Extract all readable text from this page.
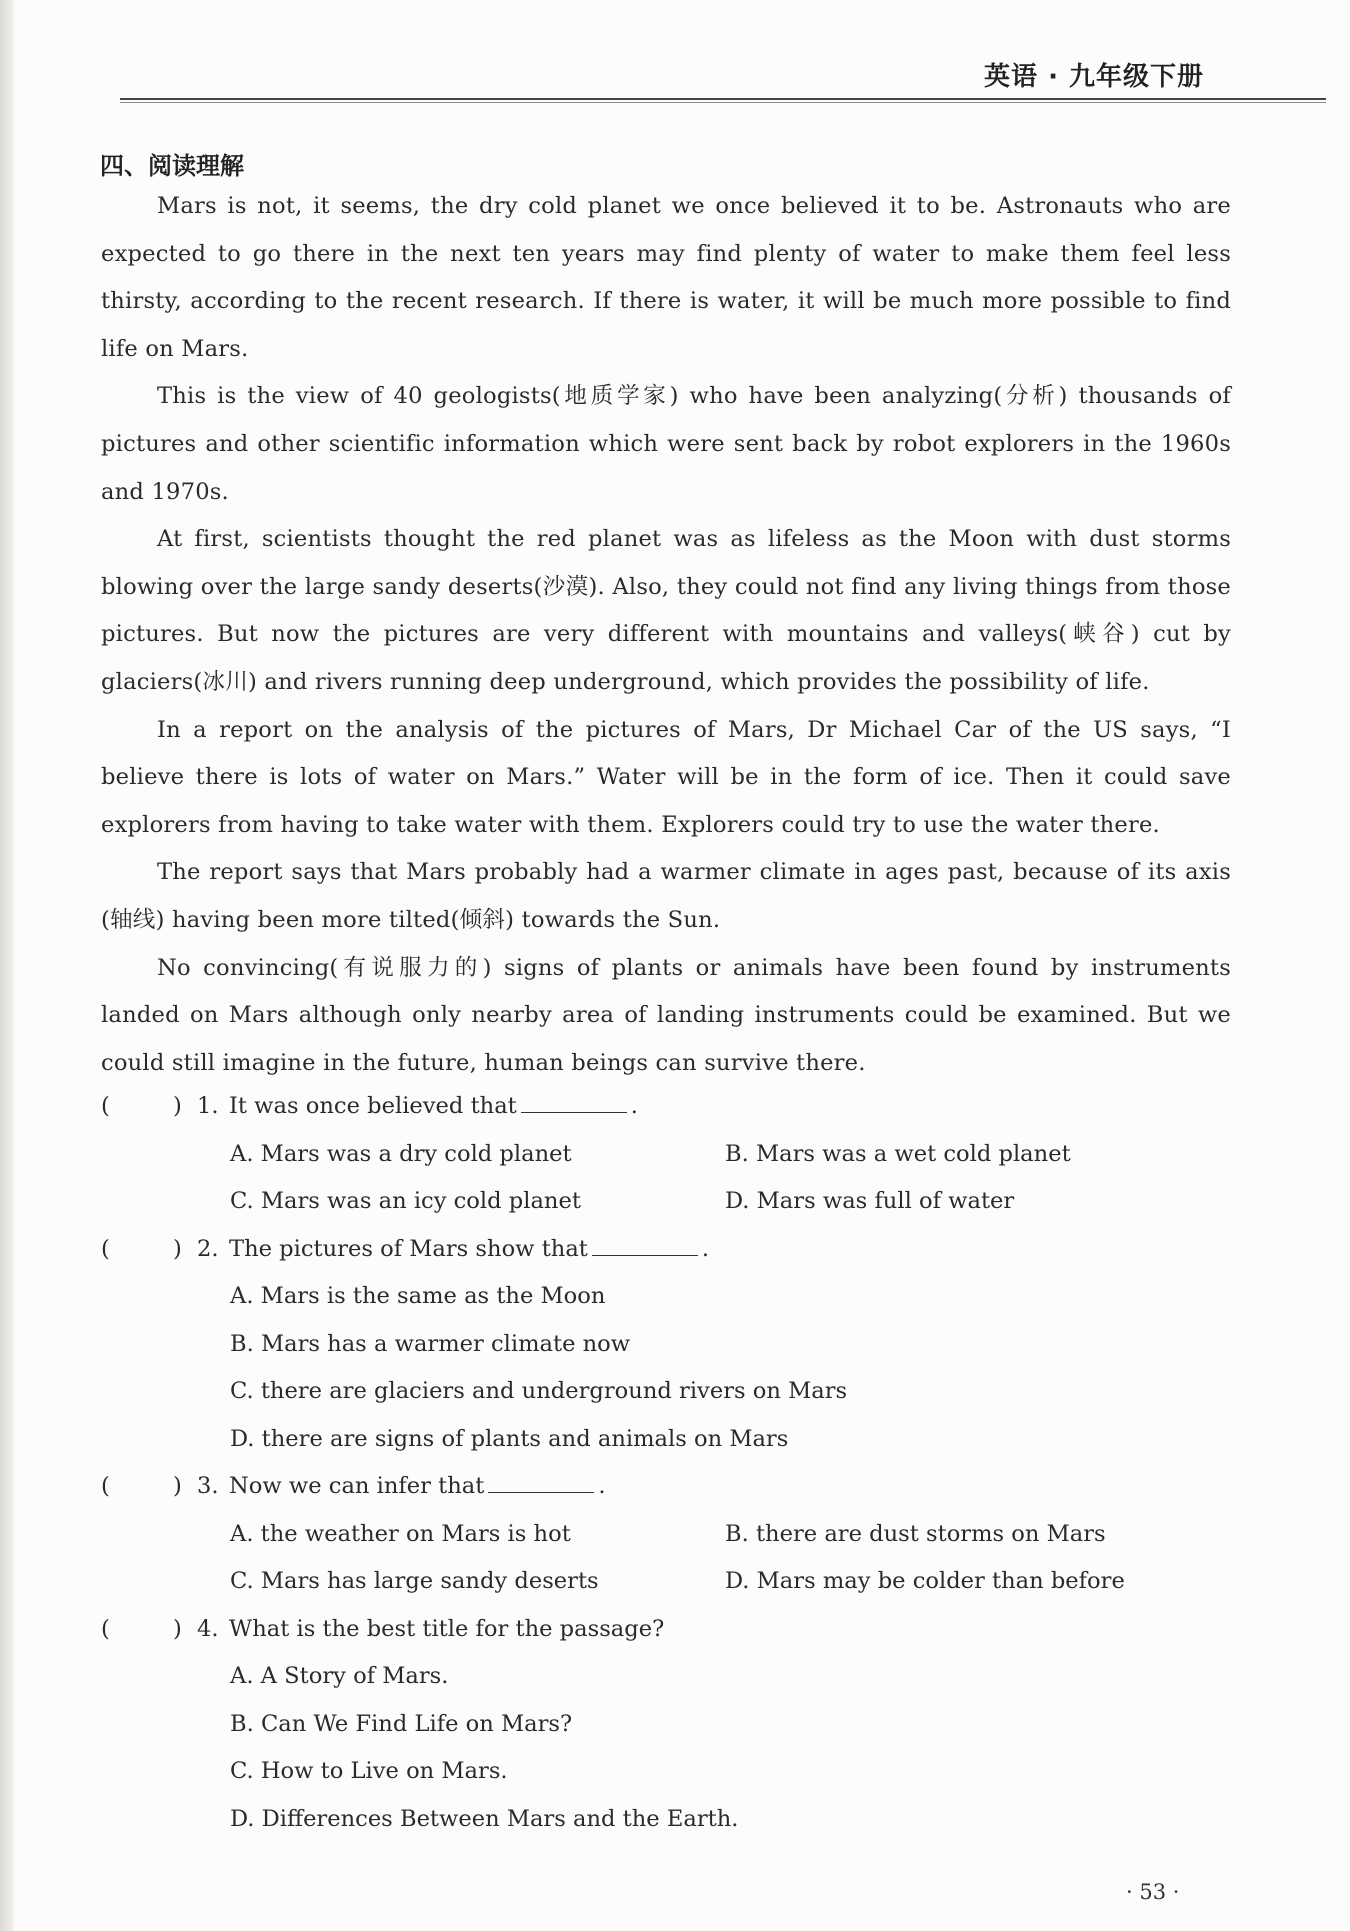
英语 · 九年级下册
四、阅读理解

Mars is not, it seems, the dry cold planet we once believed it to be. Astronauts who are expected to go there in the next ten years may find plenty of water to make them feel less thirsty, according to the recent research. If there is water, it will be much more possible to find life on Mars.

This is the view of 40 geologists(地质学家) who have been analyzing(分析) thousands of pictures and other scientific information which were sent back by robot explorers in the 1960s and 1970s.

At first, scientists thought the red planet was as lifeless as the Moon with dust storms blowing over the large sandy deserts(沙漠). Also, they could not find any living things from those pictures. But now the pictures are very different with mountains and valleys(峡谷) cut by glaciers(冰川) and rivers running deep underground, which provides the possibility of life.

In a report on the analysis of the pictures of Mars, Dr Michael Car of the US says, “I believe there is lots of water on Mars.” Water will be in the form of ice. Then it could save explorers from having to take water with them. Explorers could try to use the water there.

The report says that Mars probably had a warmer climate in ages past, because of its axis (轴线) having been more tilted(倾斜) towards the Sun.

No convincing(有说服力的) signs of plants or animals have been found by instruments landed on Mars although only nearby area of landing instruments could be examined. But we could still imagine in the future, human beings can survive there.

(	) 1. It was once believed that	.
A. Mars was a dry cold planet	B. Mars was a wet cold planet
C. Mars was an icy cold planet	D. Mars was full of water
(	) 2. The pictures of Mars show that	.
A. Mars is the same as the Moon
B. Mars has a warmer climate now
C. there are glaciers and underground rivers on Mars
D. there are signs of plants and animals on Mars
(	) 3. Now we can infer that	.
A. the weather on Mars is hot	B. there are dust storms on Mars
C. Mars has large sandy deserts	D. Mars may be colder than before
(	) 4. What is the best title for the passage?
A. A Story of Mars.
B. Can We Find Life on Mars?
C. How to Live on Mars.
D. Differences Between Mars and the Earth.
· 53 ·
